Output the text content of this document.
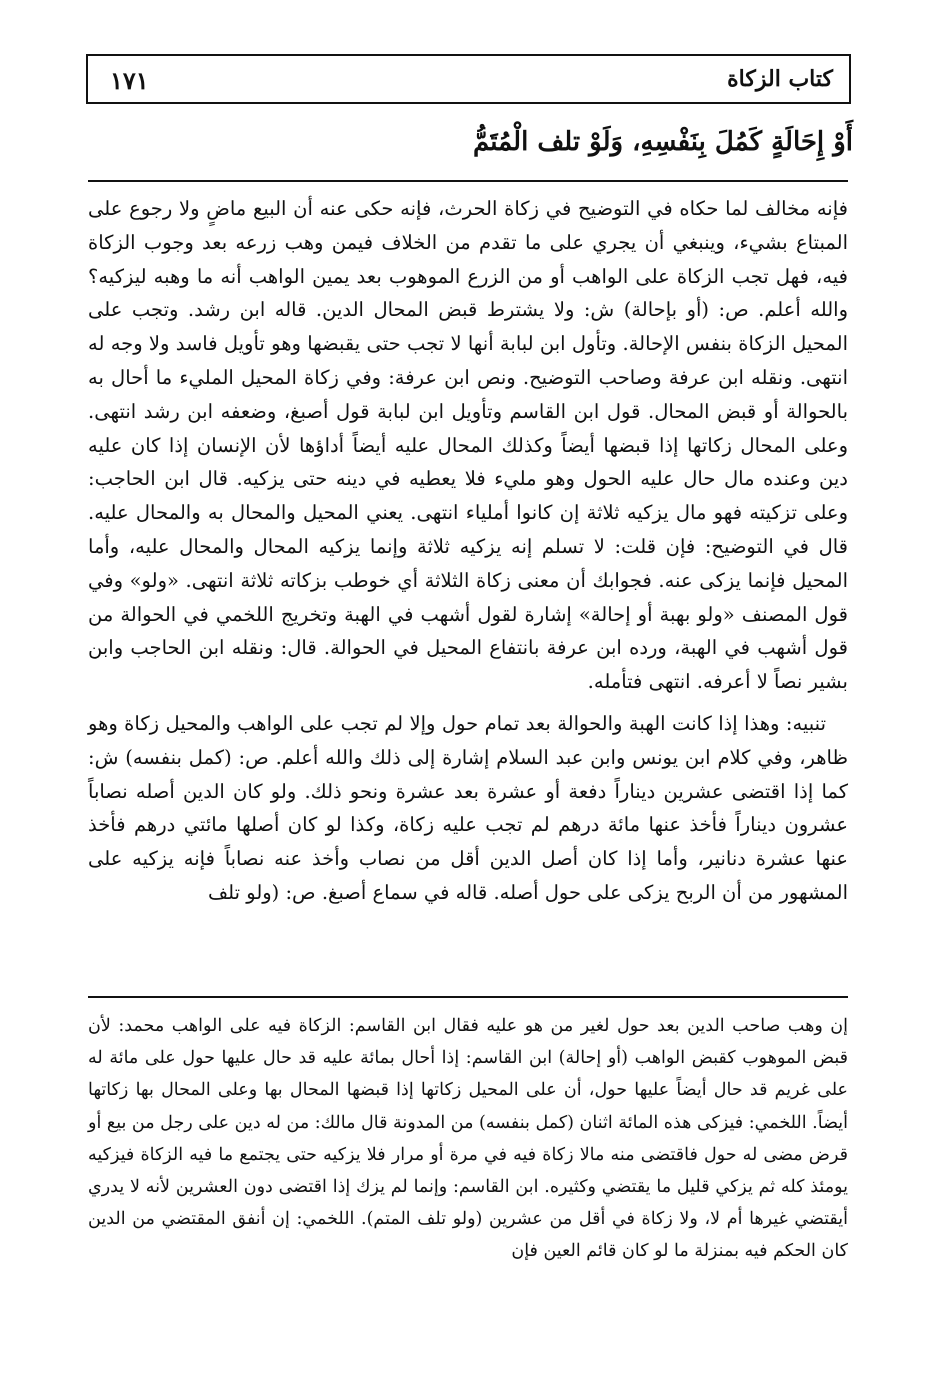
١٧١	كتاب الزكاة
أَوْ إِحَالَةٍ كَمُلَ بِنَفْسِهِ، وَلَوْ تلف الْمُتَمُّ

فإنه مخالف لما حكاه في التوضيح في زكاة الحرث، فإنه حكى عنه أن البيع ماضٍ ولا رجوع على المبتاع بشيء، وينبغي أن يجري على ما تقدم من الخلاف فيمن وهب زرعه بعد وجوب الزكاة فيه، فهل تجب الزكاة على الواهب أو من الزرع الموهوب بعد يمين الواهب أنه ما وهبه ليزكيه؟ والله أعلم. ص: (أو بإحالة) ش: ولا يشترط قبض المحال الدين. قاله ابن رشد. وتجب على المحيل الزكاة بنفس الإحالة. وتأول ابن لبابة أنها لا تجب حتى يقبضها وهو تأويل فاسد ولا وجه له انتهى. ونقله ابن عرفة وصاحب التوضيح. ونص ابن عرفة: وفي زكاة المحيل المليء ما أحال به بالحوالة أو قبض المحال. قول ابن القاسم وتأويل ابن لبابة قول أصبغ، وضعفه ابن رشد انتهى. وعلى المحال زكاتها إذا قبضها أيضاً وكذلك المحال عليه أيضاً أداؤها لأن الإنسان إذا كان عليه دين وعنده مال حال عليه الحول وهو مليء فلا يعطيه في دينه حتى يزكيه. قال ابن الحاجب: وعلى تزكيته فهو مال يزكيه ثلاثة إن كانوا أملياء انتهى. يعني المحيل والمحال به والمحال عليه. قال في التوضيح: فإن قلت: لا تسلم إنه يزكيه ثلاثة وإنما يزكيه المحال والمحال عليه، وأما المحيل فإنما يزكى عنه. فجوابك أن معنى زكاة الثلاثة أي خوطب بزكاته ثلاثة انتهى. «ولو» وفي قول المصنف «ولو بهبة أو إحالة» إشارة لقول أشهب في الهبة وتخريج اللخمي في الحوالة من قول أشهب في الهبة، ورده ابن عرفة بانتفاع المحيل في الحوالة. قال: ونقله ابن الحاجب وابن بشير نصاً لا أعرفه. انتهى فتأمله.

تنبيه: وهذا إذا كانت الهبة والحوالة بعد تمام حول وإلا لم تجب على الواهب والمحيل زكاة وهو ظاهر، وفي كلام ابن يونس وابن عبد السلام إشارة إلى ذلك والله أعلم. ص: (كمل بنفسه) ش: كما إذا اقتضى عشرين ديناراً دفعة أو عشرة بعد عشرة ونحو ذلك. ولو كان الدين أصله نصاباً عشرون ديناراً فأخذ عنها مائة درهم لم تجب عليه زكاة، وكذا لو كان أصلها مائتي درهم فأخذ عنها عشرة دنانير، وأما إذا كان أصل الدين أقل من نصاب وأخذ عنه نصاباً فإنه يزكيه على المشهور من أن الربح يزكى على حول أصله. قاله في سماع أصبغ. ص: (ولو تلف

إن وهب صاحب الدين بعد حول لغير من هو عليه فقال ابن القاسم: الزكاة فيه على الواهب محمد: لأن قبض الموهوب كقبض الواهب (أو إحالة) ابن القاسم: إذا أحال بمائة عليه قد حال عليها حول على مائة له على غريم قد حال أيضاً عليها حول، أن على المحيل زكاتها إذا قبضها المحال بها وعلى المحال بها زكاتها أيضاً. اللخمي: فيزكى هذه المائة اثنان (كمل بنفسه) من المدونة قال مالك: من له دين على رجل من بيع أو قرض مضى له حول فاقتضى منه مالا زكاة فيه في مرة أو مرار فلا يزكيه حتى يجتمع ما فيه الزكاة فيزكيه يومئذ كله ثم يزكي قليل ما يقتضي وكثيره. ابن القاسم: وإنما لم يزك إذا اقتضى دون العشرين لأنه لا يدري أيقتضي غيرها أم لا، ولا زكاة في أقل من عشرين (ولو تلف المتم). اللخمي: إن أنفق المقتضي من الدين كان الحكم فيه بمنزلة ما لو كان قائم العين فإن
